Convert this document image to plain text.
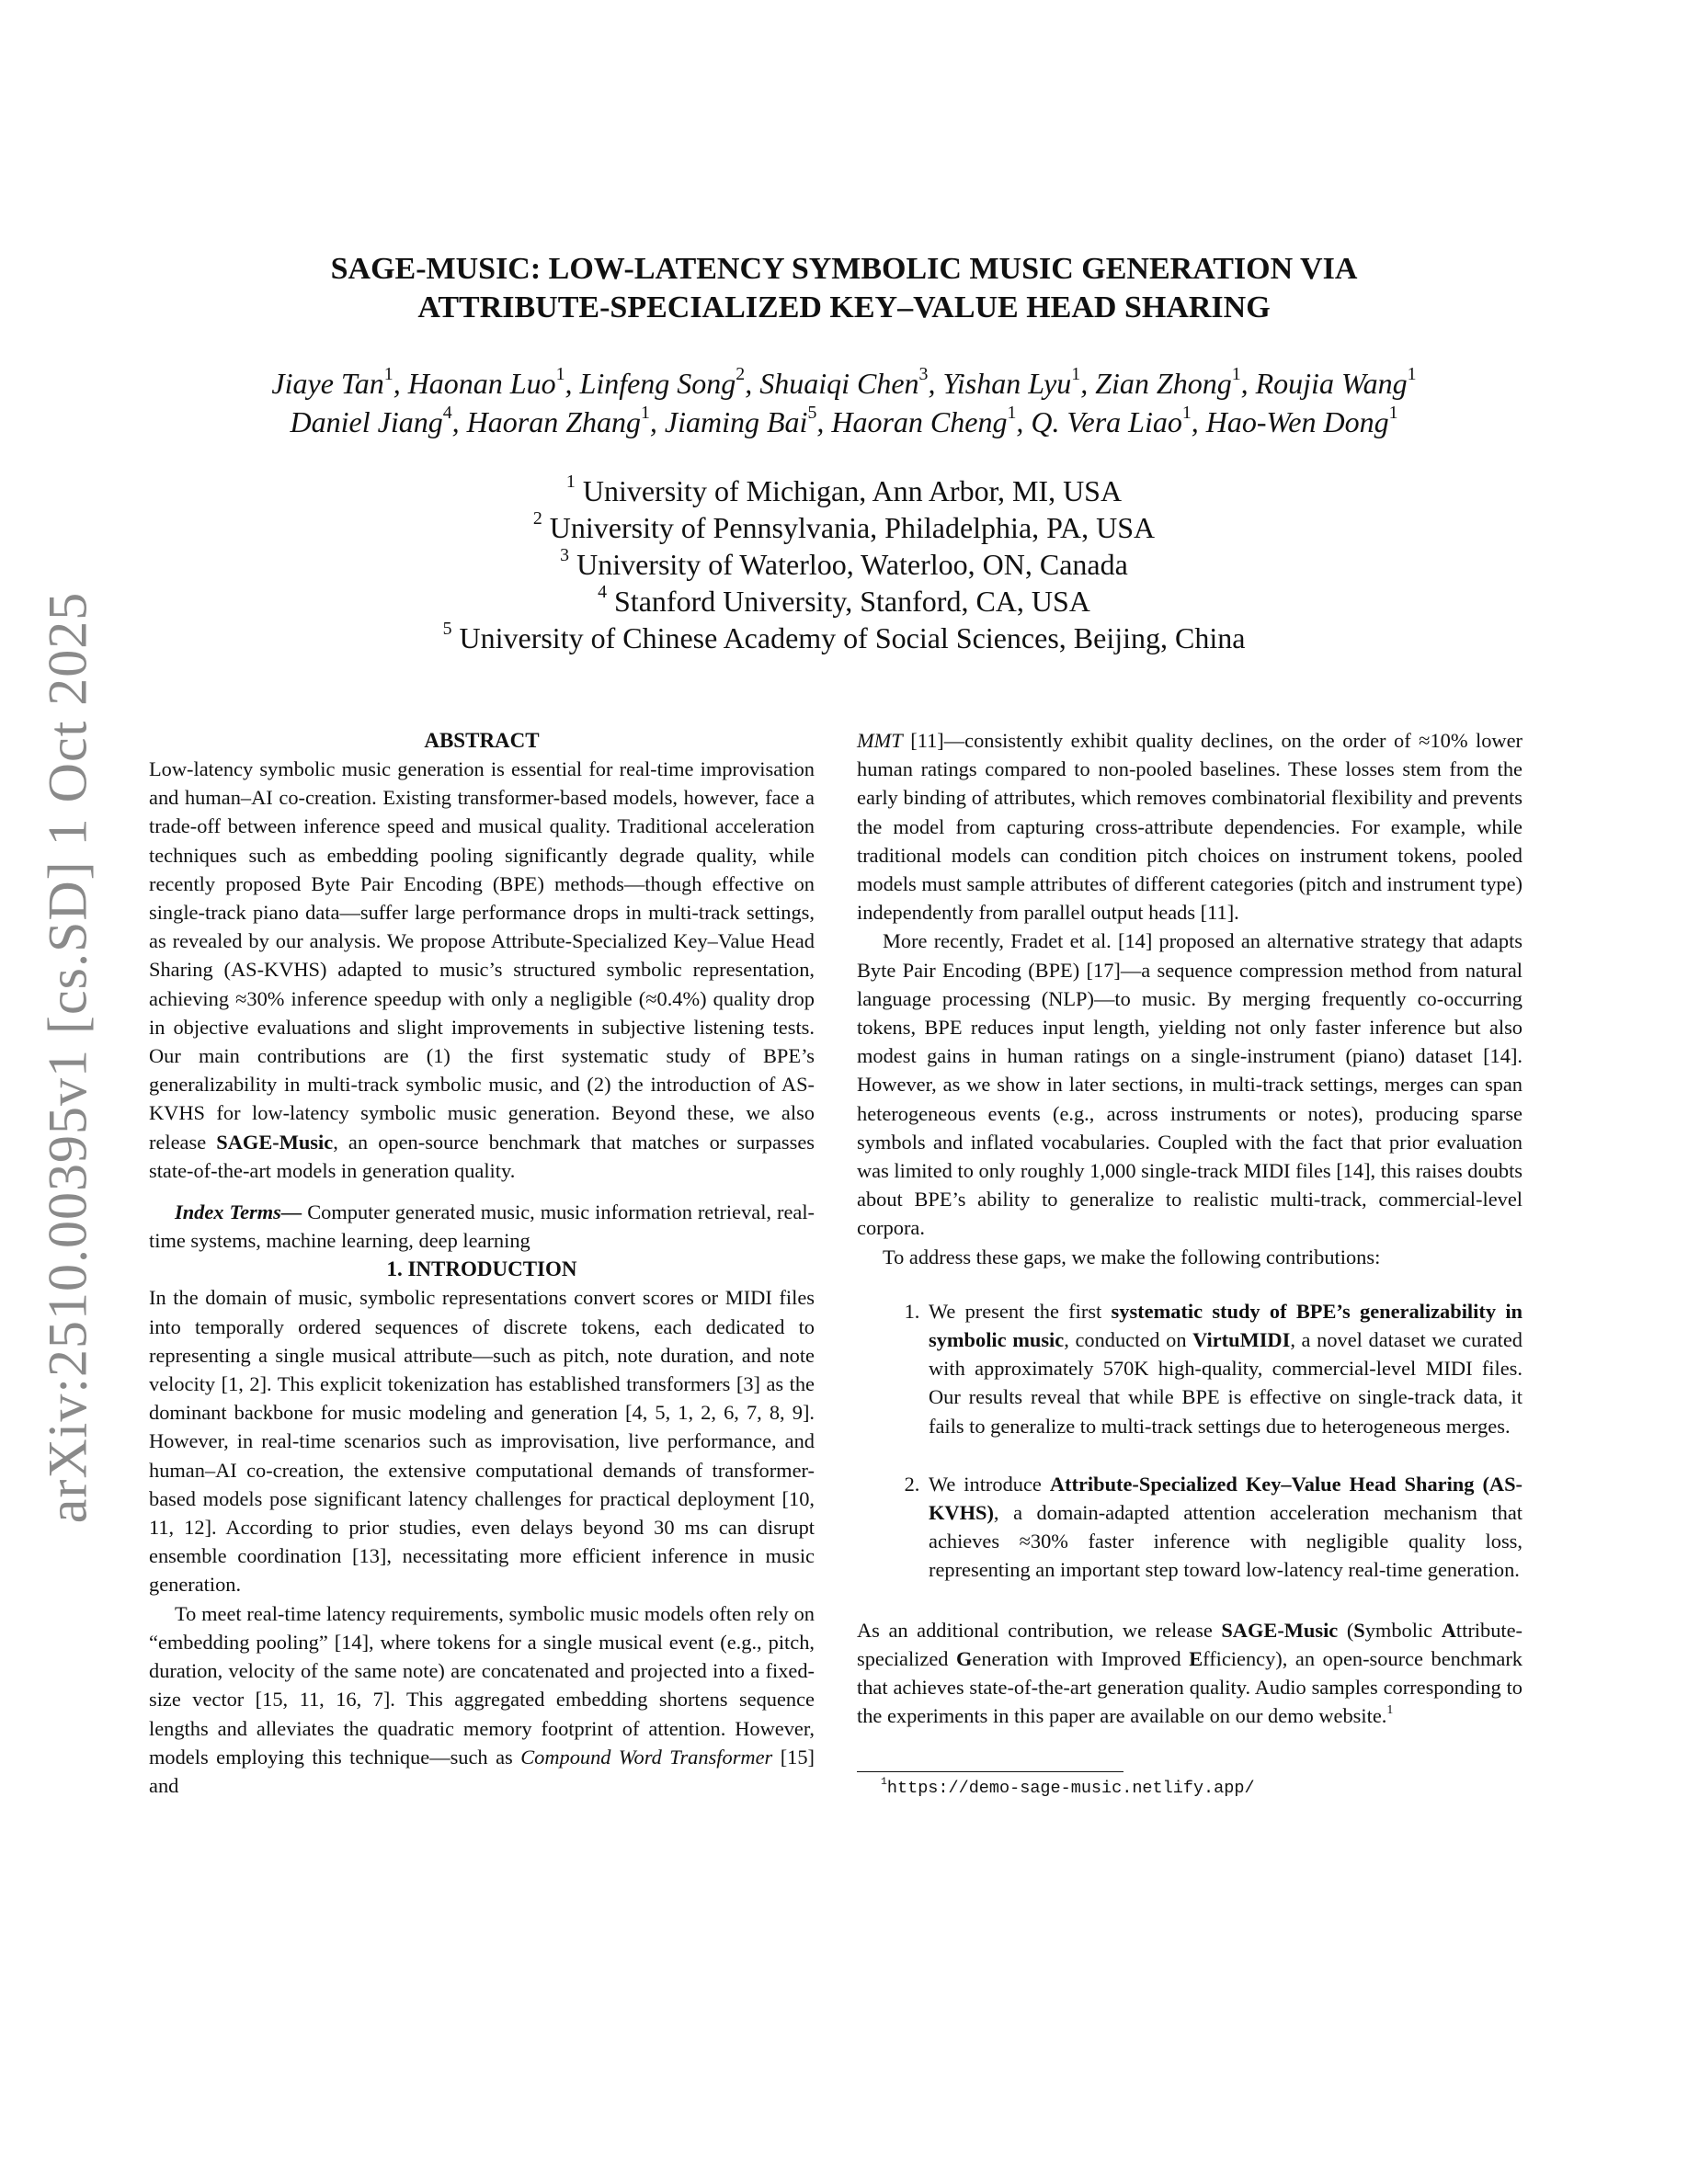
arXiv:2510.00395v1 [cs.SD] 1 Oct 2025
SAGE-MUSIC: LOW-LATENCY SYMBOLIC MUSIC GENERATION VIA
ATTRIBUTE-SPECIALIZED KEY–VALUE HEAD SHARING
Jiaye Tan$^1$, Haonan Luo$^1$, Linfeng Song$^2$, Shuaiqi Chen$^3$, Yishan Lyu$^1$, Zian Zhong$^1$, Roujia Wang$^1$
Daniel Jiang$^4$, Haoran Zhang$^1$, Jiaming Bai$^5$, Haoran Cheng$^1$, Q. Vera Liao$^1$, Hao-Wen Dong$^1$
$^1$ University of Michigan, Ann Arbor, MI, USA
$^2$ University of Pennsylvania, Philadelphia, PA, USA
$^3$ University of Waterloo, Waterloo, ON, Canada
$^4$ Stanford University, Stanford, CA, USA
$^5$ University of Chinese Academy of Social Sciences, Beijing, China

ABSTRACT

Low-latency symbolic music generation is essential for real-time improvisation and human–AI co-creation. Existing transformer-based models, however, face a trade-off between inference speed and musical quality. Traditional acceleration techniques such as embedding pooling significantly degrade quality, while recently proposed Byte Pair Encoding (BPE) methods—though effective on single-track piano data—suffer large performance drops in multi-track settings, as revealed by our analysis. We propose Attribute-Specialized Key–Value Head Sharing (AS-KVHS) adapted to music’s structured symbolic representation, achieving ≈30% inference speedup with only a negligible (≈0.4%) quality drop in objective evaluations and slight improvements in subjective listening tests. Our main contributions are (1) the first systematic study of BPE’s generalizability in multi-track symbolic music, and (2) the introduction of AS-KVHS for low-latency symbolic music generation. Beyond these, we also release SAGE-Music, an open-source benchmark that matches or surpasses state-of-the-art models in generation quality.

Index Terms— Computer generated music, music information retrieval, real-time systems, machine learning, deep learning

1. INTRODUCTION

In the domain of music, symbolic representations convert scores or MIDI files into temporally ordered sequences of discrete tokens, each dedicated to representing a single musical attribute—such as pitch, note duration, and note velocity [1, 2]. This explicit tokenization has established transformers [3] as the dominant backbone for music modeling and generation [4, 5, 1, 2, 6, 7, 8, 9]. However, in real-time scenarios such as improvisation, live performance, and human–AI co-creation, the extensive computational demands of transformer-based models pose significant latency challenges for practical deployment [10, 11, 12]. According to prior studies, even delays beyond 30 ms can disrupt ensemble coordination [13], necessitating more efficient inference in music generation.

To meet real-time latency requirements, symbolic music models often rely on “embedding pooling” [14], where tokens for a single musical event (e.g., pitch, duration, velocity of the same note) are concatenated and projected into a fixed-size vector [15, 11, 16, 7]. This aggregated embedding shortens sequence lengths and alleviates the quadratic memory footprint of attention. However, models employing this technique—such as Compound Word Transformer [15] and

MMT [11]—consistently exhibit quality declines, on the order of ≈10% lower human ratings compared to non-pooled baselines. These losses stem from the early binding of attributes, which removes combinatorial flexibility and prevents the model from capturing cross-attribute dependencies. For example, while traditional models can condition pitch choices on instrument tokens, pooled models must sample attributes of different categories (pitch and instrument type) independently from parallel output heads [11].

More recently, Fradet et al. [14] proposed an alternative strategy that adapts Byte Pair Encoding (BPE) [17]—a sequence compression method from natural language processing (NLP)—to music. By merging frequently co-occurring tokens, BPE reduces input length, yielding not only faster inference but also modest gains in human ratings on a single-instrument (piano) dataset [14]. However, as we show in later sections, in multi-track settings, merges can span heterogeneous events (e.g., across instruments or notes), producing sparse symbols and inflated vocabularies. Coupled with the fact that prior evaluation was limited to only roughly 1,000 single-track MIDI files [14], this raises doubts about BPE’s ability to generalize to realistic multi-track, commercial-level corpora.

To address these gaps, we make the following contributions:

1. We present the first systematic study of BPE’s generalizability in symbolic music, conducted on VirtuMIDI, a novel dataset we curated with approximately 570K high-quality, commercial-level MIDI files. Our results reveal that while BPE is effective on single-track data, it fails to generalize to multi-track settings due to heterogeneous merges.
2. We introduce Attribute-Specialized Key–Value Head Sharing (AS-KVHS), a domain-adapted attention acceleration mechanism that achieves ≈30% faster inference with negligible quality loss, representing an important step toward low-latency real-time generation.

As an additional contribution, we release SAGE-Music (Symbolic Attribute-specialized Generation with Improved Efficiency), an open-source benchmark that achieves state-of-the-art generation quality. Audio samples corresponding to the experiments in this paper are available on our demo website.$^1$

$^1$https://demo-sage-music.netlify.app/
